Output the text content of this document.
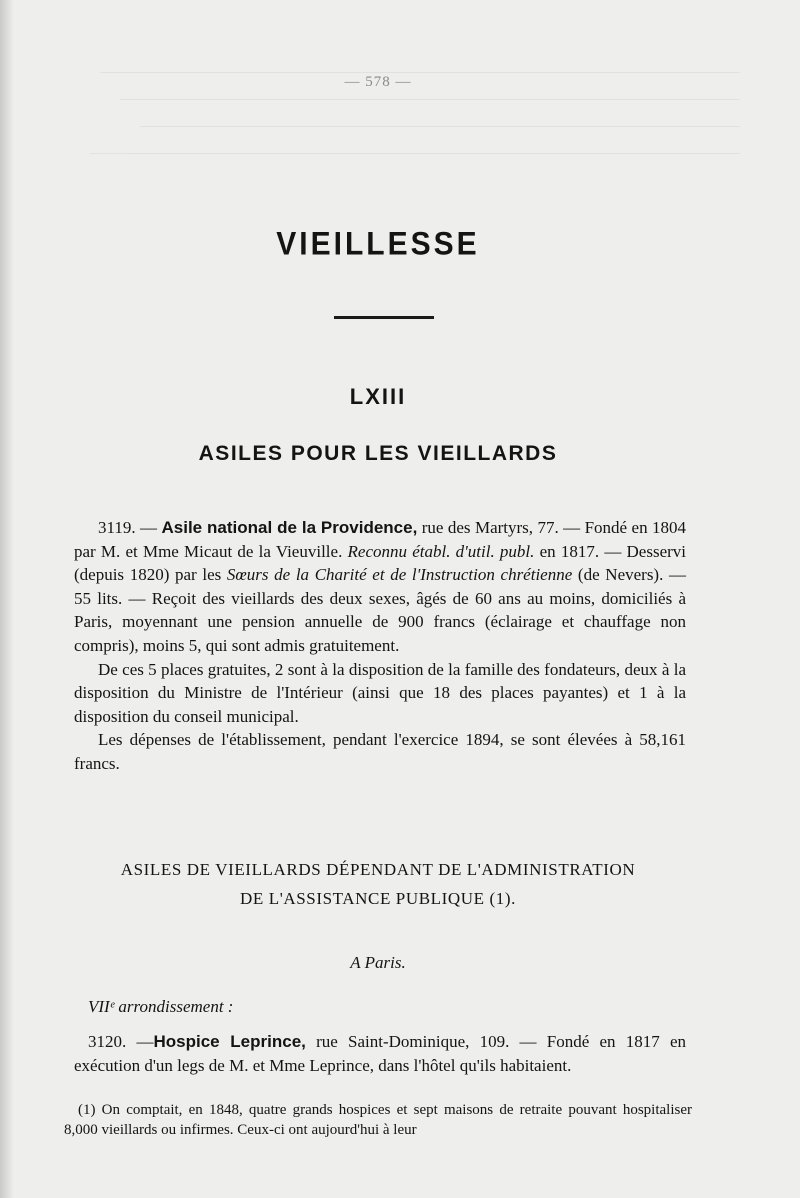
— 578 —
VIEILLESSE
LXIII
ASILES POUR LES VIEILLARDS

3119. — Asile national de la Providence, rue des Martyrs, 77. — Fondé en 1804 par M. et Mme Micaut de la Vieuville. Reconnu établ. d'util. publ. en 1817. — Desservi (depuis 1820) par les Sœurs de la Charité et de l'Instruction chrétienne (de Nevers). — 55 lits. — Reçoit des vieillards des deux sexes, âgés de 60 ans au moins, domiciliés à Paris, moyennant une pension annuelle de 900 francs (éclairage et chauffage non compris), moins 5, qui sont admis gratuitement.

De ces 5 places gratuites, 2 sont à la disposition de la famille des fondateurs, deux à la disposition du Ministre de l'Intérieur (ainsi que 18 des places payantes) et 1 à la disposition du conseil municipal.

Les dépenses de l'établissement, pendant l'exercice 1894, se sont élevées à 58,161 francs.

ASILES DE VIEILLARDS DÉPENDANT DE L'ADMINISTRATION
DE L'ASSISTANCE PUBLIQUE (1).
A Paris.
VIIᵉ arrondissement :

3120. —Hospice Leprince, rue Saint-Dominique, 109. — Fondé en 1817 en exécution d'un legs de M. et Mme Leprince, dans l'hôtel qu'ils habitaient.

(1) On comptait, en 1848, quatre grands hospices et sept maisons de retraite pouvant hospitaliser 8,000 vieillards ou infirmes. Ceux-ci ont aujourd'hui à leur
